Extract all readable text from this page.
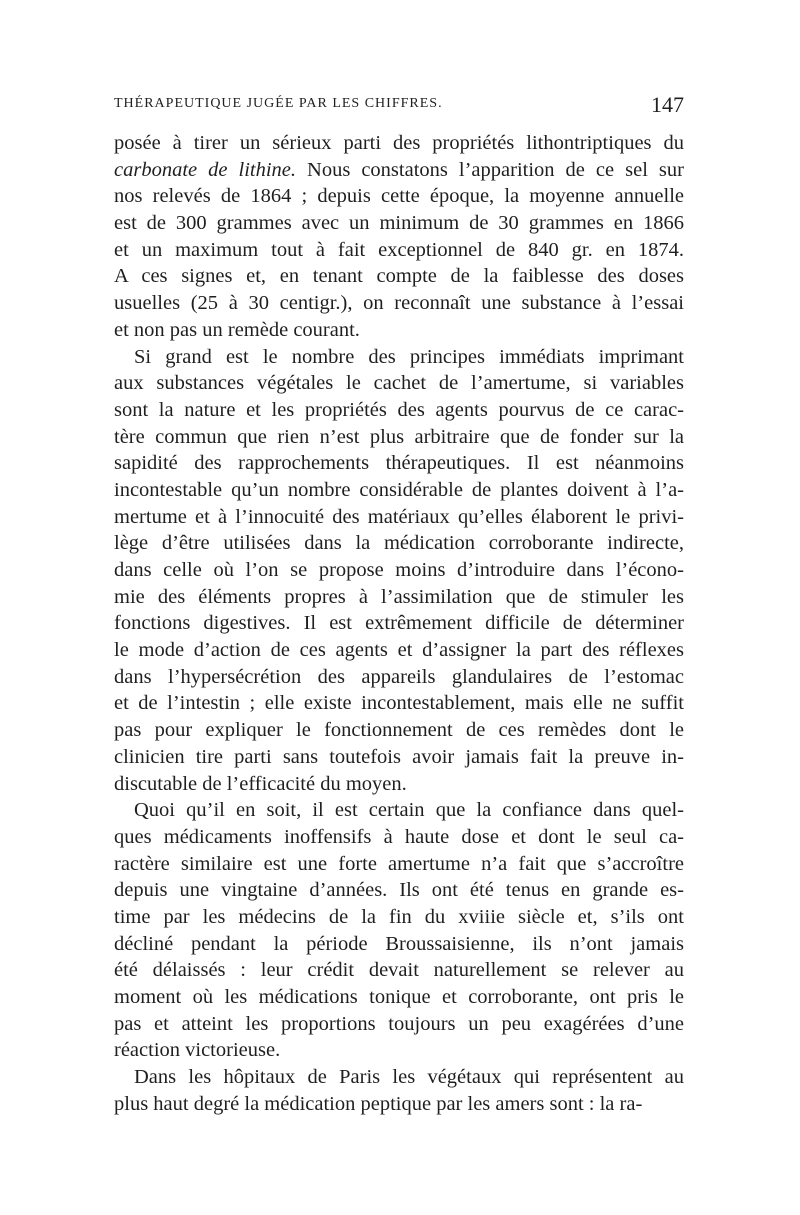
THÉRAPEUTIQUE JUGÉE PAR LES CHIFFRES.	147
posée à tirer un sérieux parti des propriétés lithontriptiques du
carbonate de lithine. Nous constatons l’apparition de ce sel sur
nos relevés de 1864 ; depuis cette époque, la moyenne annuelle
est de 300 grammes avec un minimum de 30 grammes en 1866
et un maximum tout à fait exceptionnel de 840 gr. en 1874.
A ces signes et, en tenant compte de la faiblesse des doses
usuelles (25 à 30 centigr.), on reconnaît une substance à l’essai
et non pas un remède courant.
Si grand est le nombre des principes immédiats imprimant
aux substances végétales le cachet de l’amertume, si variables
sont la nature et les propriétés des agents pourvus de ce carac-
tère commun que rien n’est plus arbitraire que de fonder sur la
sapidité des rapprochements thérapeutiques. Il est néanmoins
incontestable qu’un nombre considérable de plantes doivent à l’a-
mertume et à l’innocuité des matériaux qu’elles élaborent le privi-
lège d’être utilisées dans la médication corroborante indirecte,
dans celle où l’on se propose moins d’introduire dans l’écono-
mie des éléments propres à l’assimilation que de stimuler les
fonctions digestives. Il est extrêmement difficile de déterminer
le mode d’action de ces agents et d’assigner la part des réflexes
dans l’hypersécrétion des appareils glandulaires de l’estomac
et de l’intestin ; elle existe incontestablement, mais elle ne suffit
pas pour expliquer le fonctionnement de ces remèdes dont le
clinicien tire parti sans toutefois avoir jamais fait la preuve in-
discutable de l’efficacité du moyen.
Quoi qu’il en soit, il est certain que la confiance dans quel-
ques médicaments inoffensifs à haute dose et dont le seul ca-
ractère similaire est une forte amertume n’a fait que s’accroître
depuis une vingtaine d’années. Ils ont été tenus en grande es-
time par les médecins de la fin du xviiie siècle et, s’ils ont
décliné pendant la période Broussaisienne, ils n’ont jamais
été délaissés : leur crédit devait naturellement se relever au
moment où les médications tonique et corroborante, ont pris le
pas et atteint les proportions toujours un peu exagérées d’une
réaction victorieuse.
Dans les hôpitaux de Paris les végétaux qui représentent au
plus haut degré la médication peptique par les amers sont : la ra-
